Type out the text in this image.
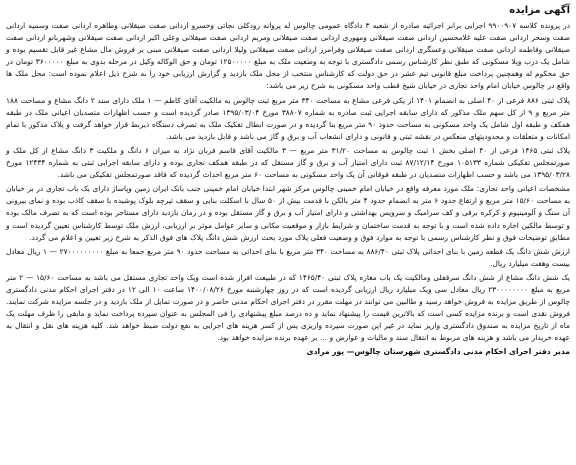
آگهی مزایده
در پرونده کلاسه ۹۹۰۰۹۰۷ اجرایی برابر اجرائیه صادره از شعبه ۳ دادگاه عمومی چالوس له پروانه رودکلی نجاتی وخسرو اردانی صفت صیقلانی وطاهره اردانی صفت وسمیه اردانی صفت وسحر اردانی صفت علیه غلامحسین اردانی صفت صیقلانی ومهوری اردانی صفت صیقلانی ومریم اردانی صفت صیقلانی وعلی اکبر اردانی صفت صیقلانی وشهربانو اردانی صفت صیقلانی وفاطمه اردانی صفت صیقلانی وعسگری اردانی صفت صیقلانی وفرامرز اردانی صفت صیقلانی ولیلا اردانی صفت صیقلانی مبنی بر فروش مال مشاع غیر قابل تقسیم بوده و شامل یک درب ویلا مسکونی که طبق نظر کارشناس رسمی دادگستری با توجه به وضعیت ملک به مبلغ ۱۲۵۰۰۰۰۰ تومان و حق الوکاله وکیل در مرحله بدوی به مبلغ ۳۶۰۰۰۰۰ تومان در حق محکوم له وهمچنین پرداخت مبلغ قانونی تیم عشر در حق دولت که کارشناس منتخب از محل ملک بازدید و گزارش ارزیابی خود را به شرح ذیل اعلام نموده است: محل ملک ها واقع در چالوس خیابان امام واحد تجاری در خیابان شیخ قطب واحد مسکونی به شرح زیر می باشد:
پلاک ثبتی ۸۸۶ فرعی از ۴۰ اصلی به انضمام ۱۴۰۱ از یکی فرعی مشاع به مساحت ۳۴۰ متر مربع ثبت چالوس به مالکیت آقای کاظم — ۱ ملک دارای سند ۲ دانگ مشاع و مساحت ۱۸۸ متر مربع و ۹ از کل سهم ملک مذکور که دارای سابقه اجرایی ثبت صادره به شماره ۳۸۸۰۷ مورخ ۱۳۹۵/۰۳/۰۴ صادر گردیده است و حسب اظهارات متصدیان اعیانی ملک در طبقه همکف و طبقه اول شامل یک واحد مسکونی به مساحت حدود ۹۰ متر مربع بنا گردیده و در صورت ابطال تفکیک ملک به تصرف دستگاه ذیربط قرار خواهد گرفت و پلاک مذکور با تمام امکانات و متعلقات و محدودیتهای منعکس در نقشه ثبتی و قانونی و دارای انشعاب آب و برق و گاز می باشد و قابل بازدید می باشد.
پلاک ثبتی ۱۴۶۵ فرعی از ۴۰ اصلی بخش ۱ ثبت چالوس به مساحت ۳۱/۲۰ متر مربع — ۳ مالکیت آقای قاسم قربان نژاد به میزان ۶ دانگ و ملکیت ۳ دانگ مشاع از کل ملک و صورتمجلس تفکیکی شماره ۱۰۵۱۳۳ مورخ ۸۷/۱۲/۱۴ ثبت دارای امتیاز آب و برق و گاز مستقل که در طبقه همکف تجاری بوده و دارای سابقه اجرایی ثبتی به شماره ۱۲۴۳۴ مورخ ۱۳۹۵/۰۳/۲۸ می باشد و حسب اظهارات متصدیان در طبقه فوقانی آن یک واحد مسکونی به مساحت ۶۰ متر مربع احداث گردیده که فاقد صورتمجلس تفکیکی می باشد.
مشخصات اعیانی واحد تجاری: ملک مورد معرفه واقع در خیابان امام خمینی چالوس مرکز شهر ابتدا خیابان امام خمینی جنب بانک ایران زمین وپاساژ دارای یک باب تجاری در بر خیابان به مساحت ۱۵/۶۰ متر مربع و ارتفاع حدود ۶ متر به انضمام حدود ۴ متر بالکن با قدمت بیش از ۵۰ سال با اسکلت بنایی و سقف تیرچه بلوک پوشیده با سقف کاذب بوده و نمای بیرونی آن سنگ و آلومینیوم و کرکره برقی و کف سرامیک و سرویس بهداشتی و دارای امتیاز آب و برق و گاز مستقل بوده و در زمان بازدید دارای مستاجر بوده است که به تصرف مالک بوده و توسط مالکین اجاره داده شده است و با توجه به قدمت ساختمان و شرایط بازار و موقعیت مکانی و سایر عوامل موثر بر ارزیابی، ارزش ملک توسط کارشناس تعیین گردیده است و مطابق توضیحات فوق و نظر کارشناس رسمی با توجه به موارد فوق و وضعیت فعلی پلاک مورد بحث ارزش شش دانگ پلاک های فوق الذکر به شرح زیر تعیین و اعلام می گردد.
ارزش شش دانگ یک قطعه زمین با بنای احداثی پلاک ثبتی ۸۸۶/۴۰ به مساحت ۳۴۰ متر مربع با بنای احداثی به مساحت حدود ۹۰ متر مربع جمعا به مبلغ ۲۷۰۰۰۰۰۰۰۰۰ — ۱ ریال معادل بیست وهفت میلیارد ریال.
یک شش دانگ مشاع از شش دانگ سرقفلی ومالکیت یک باب مغازه پلاک ثبتی ۱۴۶۵/۴۰ که در طبیعت افراز شده است ویک واحد تجاری مستقل می باشد به مساحت ۱۵/۶۰ — ۲ متر مربع به مبلغ ۲۳۰۰۰۰۰۰۰۰ ریال معادل سی ویک میلیارد ریال ارزیابی گردیده است که در روز چهارشنبه مورخ ۱۴۰۰/۰۸/۲۶ ساعت ۱۰ الی ۱۲ در دفتر اجرای احکام مدنی دادگستری چالوس از طریق مزایده به فروش خواهد رسید و طالبین می توانند در مهلت مقرر در دفتر اجرای احکام مدنی حاضر و در صورت تمایل از ملک بازدید و در جلسه مزایده شرکت نمایند. فروش نقدی است و برنده مزایده کسی است که بالاترین قیمت را پیشنهاد نماید و ده درصد مبلغ پیشنهادی را فی المجلس به عنوان سپرده پرداخت نماید و مابقی را ظرف مهلت یک ماه از تاریخ مزایده به صندوق دادگستری واریز نماید در غیر این صورت سپرده واریزی پس از کسر هزینه های اجرایی به نفع دولت ضبط خواهد شد. کلیه هزینه های نقل و انتقال به عهده خریدار می باشد و هزینه های مربوط به انتقال سند و مالیات و عوارض و ... بر عهده برنده مزایده خواهد بود.
مدیر دفتر اجرای احکام مدنی دادگستری شهرستان چالوس— پور مرادی
